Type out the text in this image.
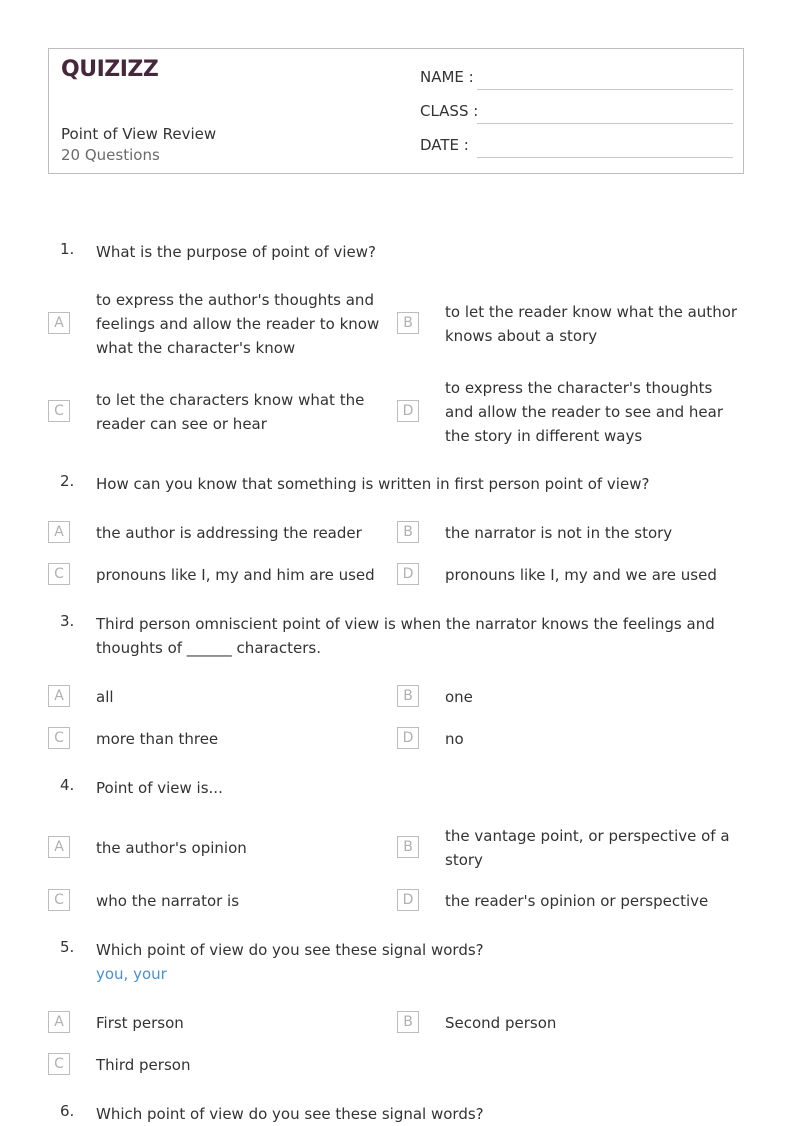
QUIZIZZ
Point of View Review
20 Questions
NAME :
CLASS :
DATE :
1. What is the purpose of point of view?
A
to express the author's thoughts and feelings and allow the reader to know what the character's know
B
to let the reader know what the author knows about a story
C
to let the characters know what the reader can see or hear
D
to express the character's thoughts and allow the reader to see and hear the story in different ways
2. How can you know that something is written in first person point of view?
A	the author is addressing the reader	B	the narrator is not in the story
C	pronouns like I, my and him are used	D	pronouns like I, my and we are used
3. Third person omniscient point of view is when the narrator knows the feelings and thoughts of ______ characters.
A	all	B	one
C	more than three	D	no
4. Point of view is...
A	the author's opinion	B
the vantage point, or perspective of a story
C	who the narrator is	D	the reader's opinion or perspective
5. Which point of view do you see these signal words?
you, your
A	First person	B	Second person
C	Third person
6. Which point of view do you see these signal words?
